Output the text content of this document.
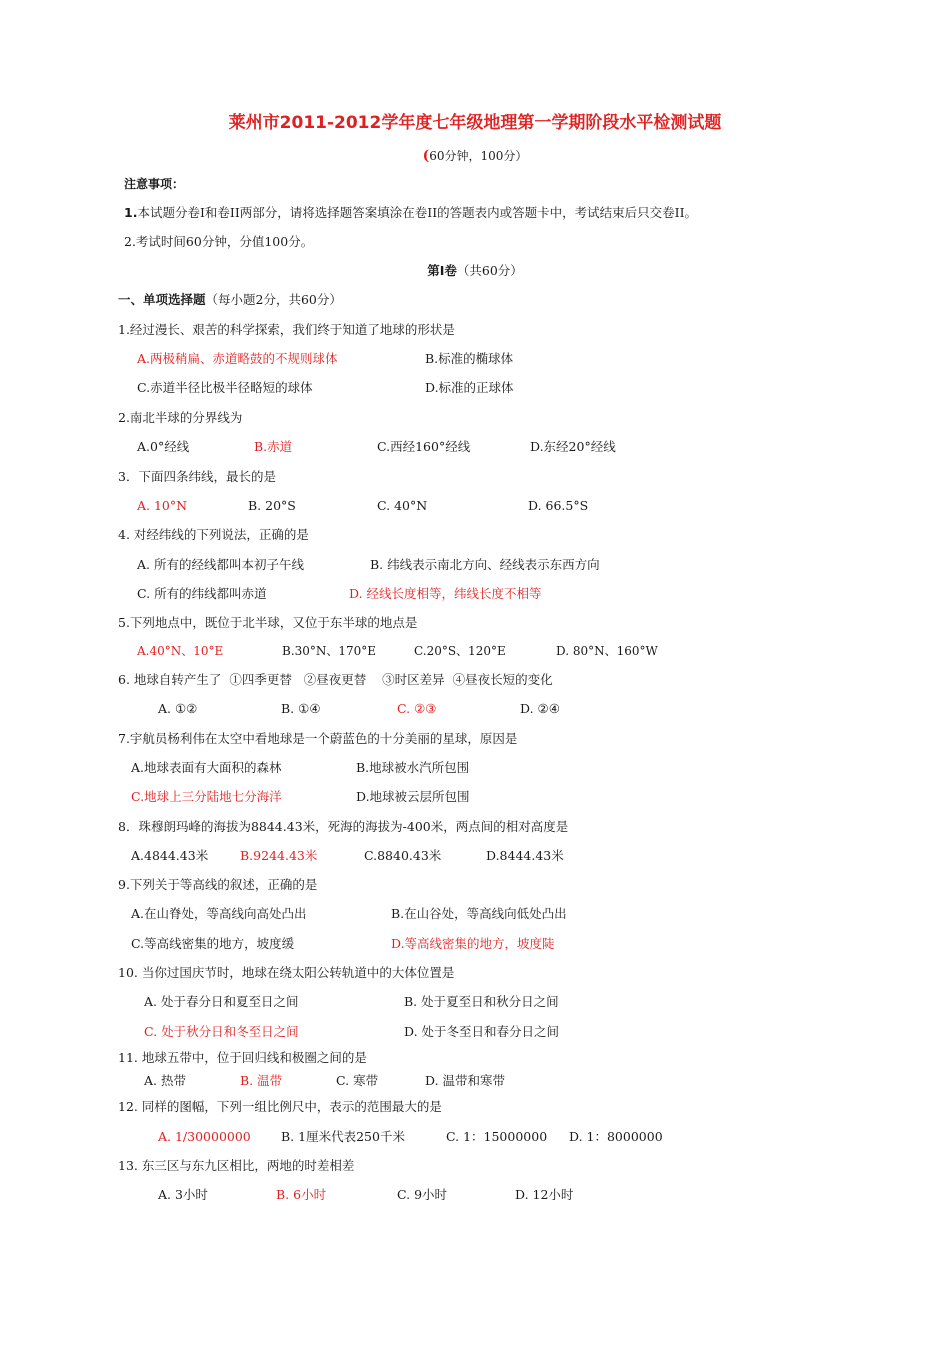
莱州市2011-2012学年度七年级地理第一学期阶段水平检测试题
(60分钟，100分）
注意事项：
1.本试题分卷I和卷II两部分，请将选择题答案填涂在卷II的答题表内或答题卡中，考试结束后只交卷II。
2.考试时间60分钟，分值100分。
第I卷（共60分）
一、单项选择题（每小题2分，共60分）
1.经过漫长、艰苦的科学探索，我们终于知道了地球的形状是
A.两极稍扁、赤道略鼓的不规则球体	B.标准的椭球体
C.赤道半径比极半径略短的球体	D.标准的正球体
2.南北半球的分界线为
A.0°经线	B.赤道	C.西经160°经线	D.东经20°经线
3．下面四条纬线，最长的是
A. 10°N	B. 20°S	C. 40°N	D. 66.5°S
4. 对经纬线的下列说法，正确的是
A. 所有的经线都叫本初子午线	B. 纬线表示南北方向、经线表示东西方向
C. 所有的纬线都叫赤道	D. 经线长度相等，纬线长度不相等
5.下列地点中，既位于北半球，又位于东半球的地点是
A.40°N、10°E	B.30°N、170°E	C.20°S、120°E	D. 80°N、160°W
6. 地球自转产生了  ①四季更替   ②昼夜更替    ③时区差异  ④昼夜长短的变化
A. ①②	B. ①④	C. ②③	D. ②④
7.宇航员杨利伟在太空中看地球是一个蔚蓝色的十分美丽的星球，原因是
A.地球表面有大面积的森林	B.地球被水汽所包围
C.地球上三分陆地七分海洋	D.地球被云层所包围
8．珠穆朗玛峰的海拔为8844.43米，死海的海拔为-400米，两点间的相对高度是
A.4844.43米	B.9244.43米	C.8840.43米	D.8444.43米
9.下列关于等高线的叙述，正确的是
A.在山脊处，等高线向高处凸出	B.在山谷处，等高线向低处凸出
C.等高线密集的地方，坡度缓	D.等高线密集的地方，坡度陡
10. 当你过国庆节时，地球在绕太阳公转轨道中的大体位置是
A. 处于春分日和夏至日之间	B. 处于夏至日和秋分日之间
C. 处于秋分日和冬至日之间	D. 处于冬至日和春分日之间
11. 地球五带中，位于回归线和极圈之间的是
A. 热带	B. 温带	C. 寒带	D. 温带和寒带
12. 同样的图幅，下列一组比例尺中，表示的范围最大的是
A. 1/30000000 B. 1厘米代表250千米	C. 1：15000000 D. 1：8000000
13. 东三区与东九区相比，两地的时差相差
A. 3小时	B. 6小时	C. 9小时	D. 12小时
